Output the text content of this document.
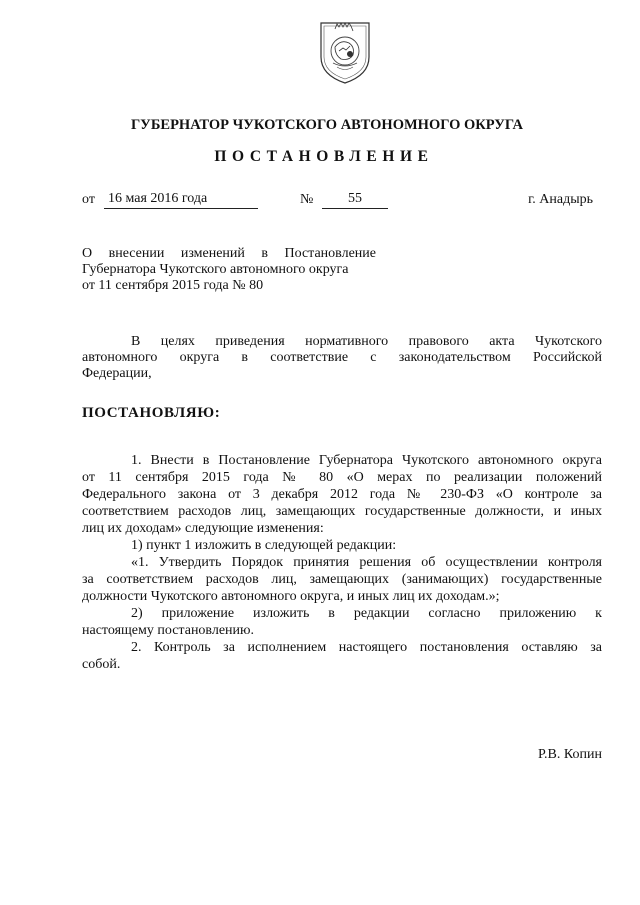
ГУБЕРНАТОР ЧУКОТСКОГО АВТОНОМНОГО ОКРУГА
ПОСТАНОВЛЕНИЕ
от 16 мая 2016 года	№	55	г. Анадырь
О внесении изменений в Постановление
Губернатора Чукотского автономного округа
от 11 сентября 2015 года № 80
В целях приведения нормативного правового акта Чукотского
автономного округа в соответствие с законодательством Российской
Федерации,
ПОСТАНОВЛЯЮ:
1. Внести в Постановление Губернатора Чукотского автономного округа
от 11 сентября 2015 года № 80 «О мерах по реализации положений
Федерального закона от 3 декабря 2012 года № 230-ФЗ «О контроле за
соответствием расходов лиц, замещающих государственные должности, и иных
лиц их доходам» следующие изменения:
1) пункт 1 изложить в следующей редакции:
«1. Утвердить Порядок принятия решения об осуществлении контроля
за соответствием расходов лиц, замещающих (занимающих) государственные
должности Чукотского автономного округа, и иных лиц их доходам.»;
2) приложение изложить в редакции согласно приложению к
настоящему постановлению.
2. Контроль за исполнением настоящего постановления оставляю за
собой.
Р.В. Копин
